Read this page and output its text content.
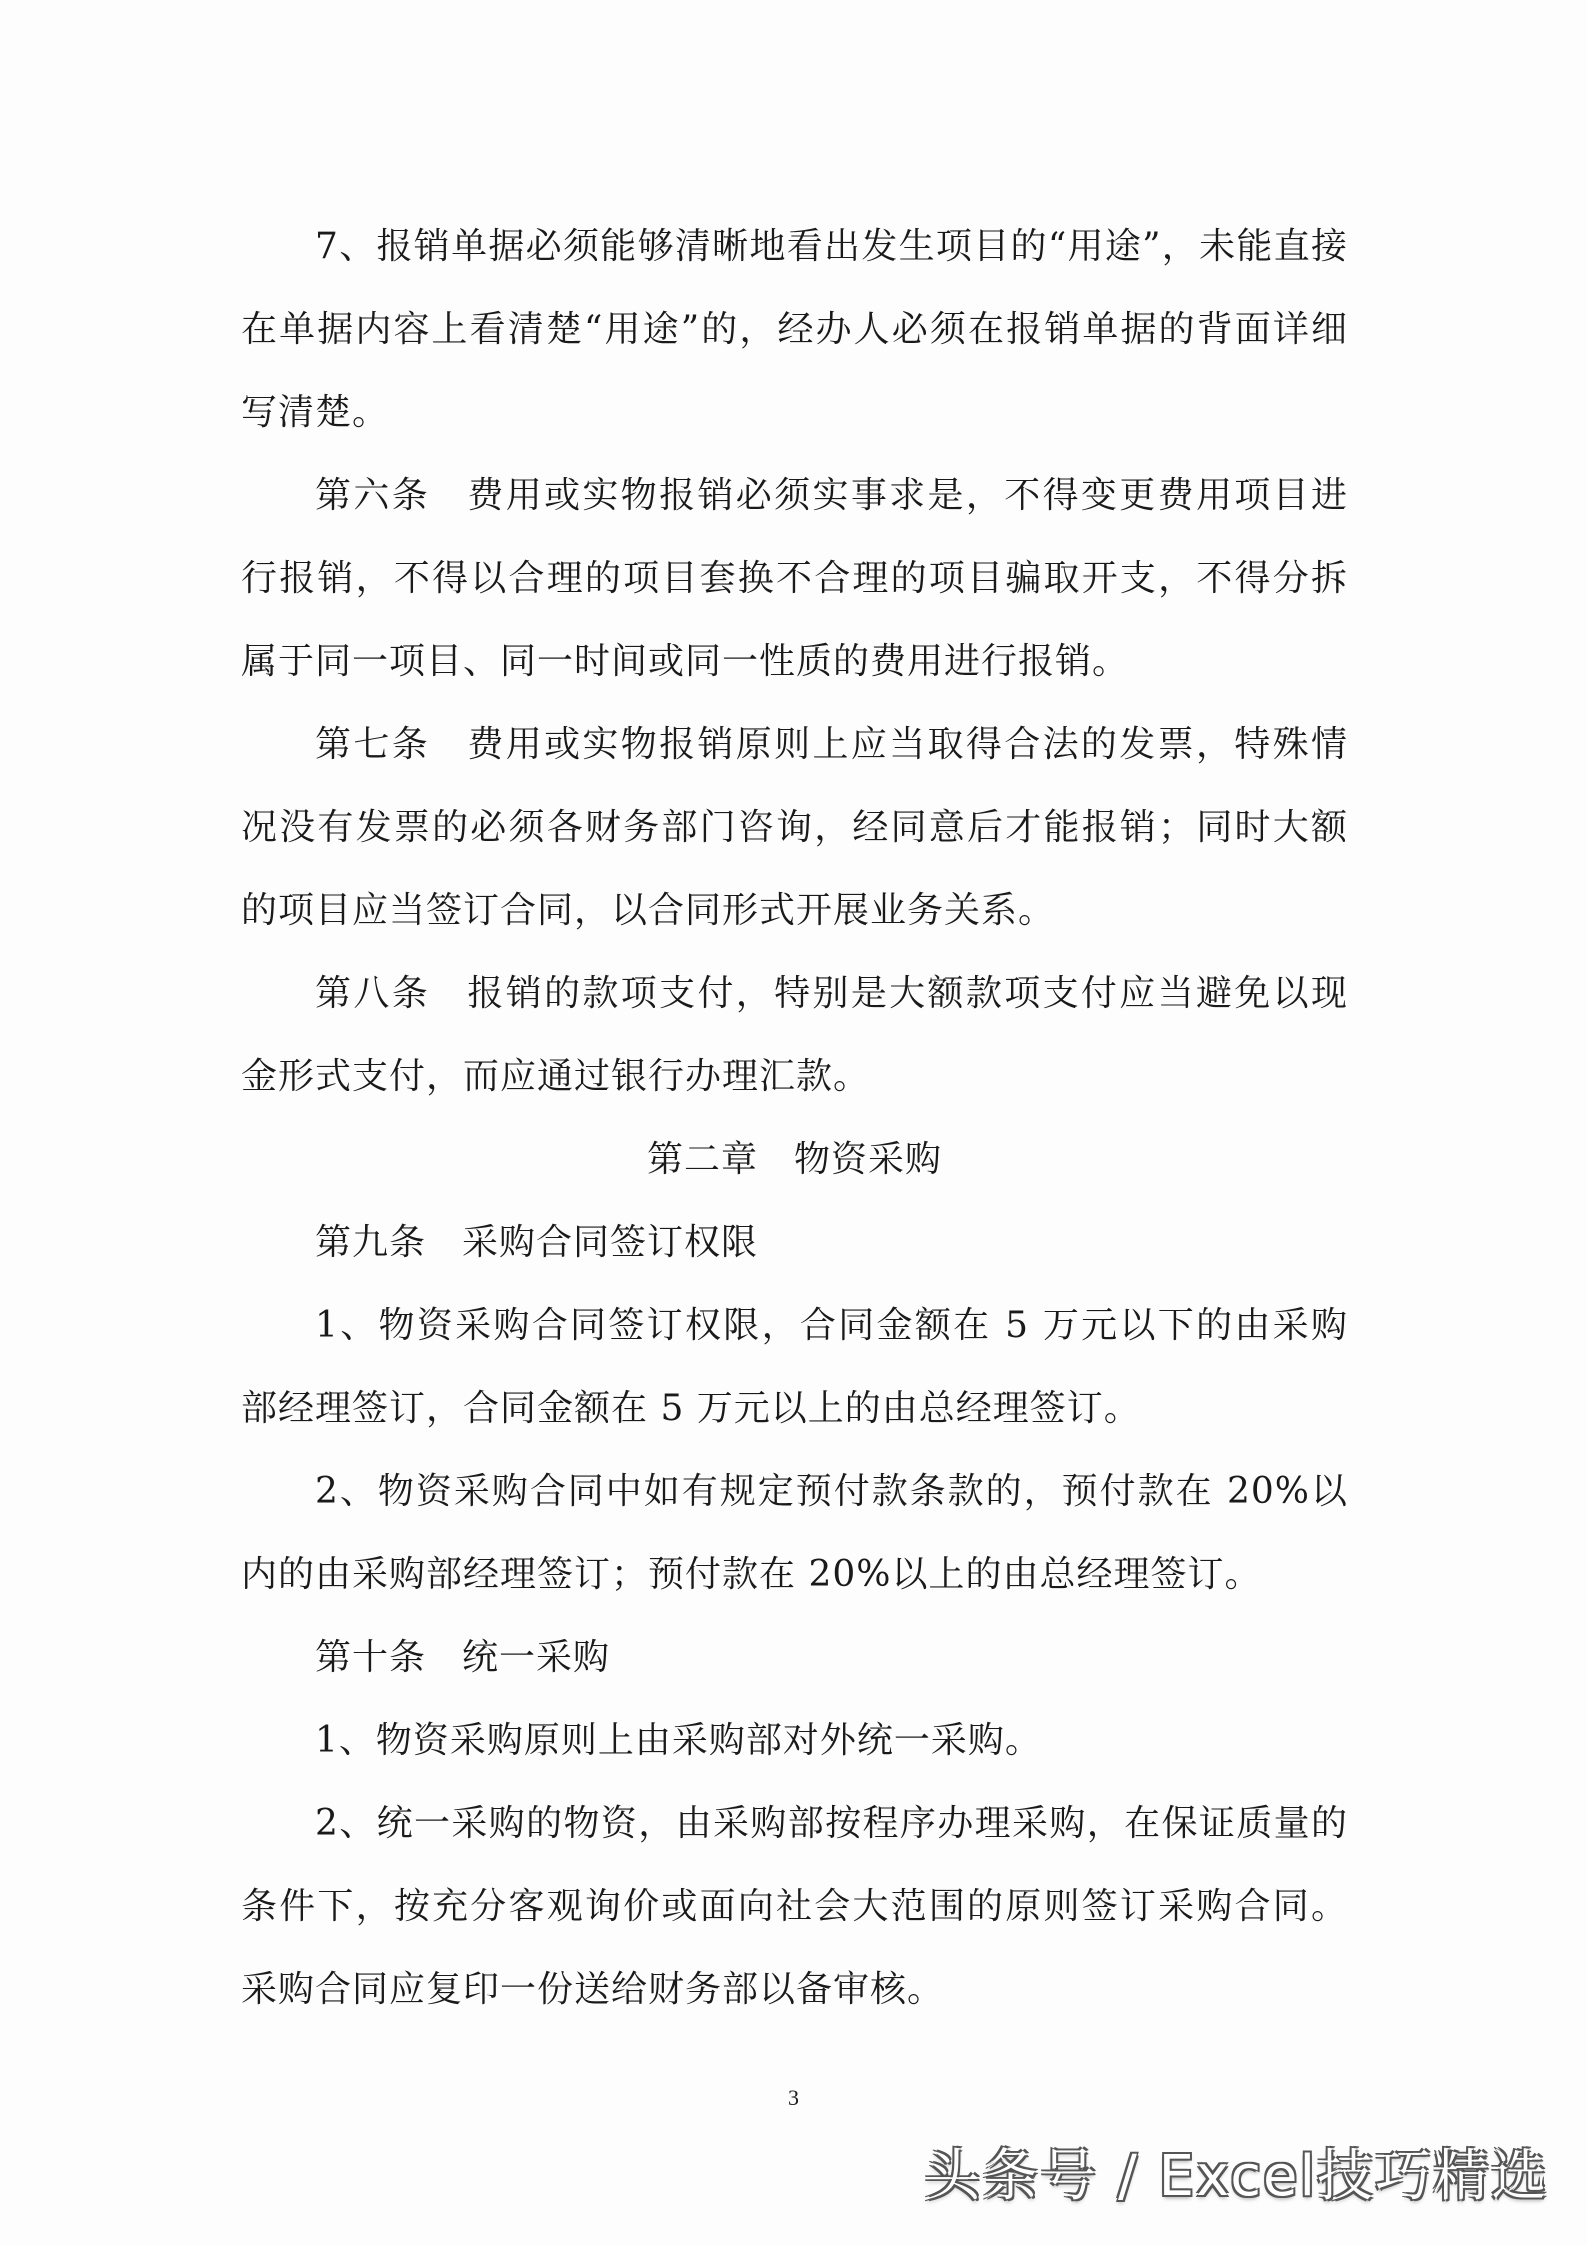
7、报销单据必须能够清晰地看出发生项目的“用途”，未能直接在单据内容上看清楚“用途”的，经办人必须在报销单据的背面详细写清楚。

第六条 费用或实物报销必须实事求是，不得变更费用项目进行报销，不得以合理的项目套换不合理的项目骗取开支，不得分拆属于同一项目、同一时间或同一性质的费用进行报销。

第七条 费用或实物报销原则上应当取得合法的发票，特殊情况没有发票的必须各财务部门咨询，经同意后才能报销；同时大额的项目应当签订合同，以合同形式开展业务关系。

第八条 报销的款项支付，特别是大额款项支付应当避免以现金形式支付，而应通过银行办理汇款。

第二章 物资采购

第九条 采购合同签订权限

1、物资采购合同签订权限，合同金额在 5 万元以下的由采购部经理签订，合同金额在 5 万元以上的由总经理签订。

2、物资采购合同中如有规定预付款条款的，预付款在 20%以内的由采购部经理签订；预付款在 20%以上的由总经理签订。

第十条 统一采购

1、物资采购原则上由采购部对外统一采购。

2、统一采购的物资，由采购部按程序办理采购，在保证质量的条件下，按充分客观询价或面向社会大范围的原则签订采购合同。采购合同应复印一份送给财务部以备审核。

3
头条号 / Excel技巧精选
